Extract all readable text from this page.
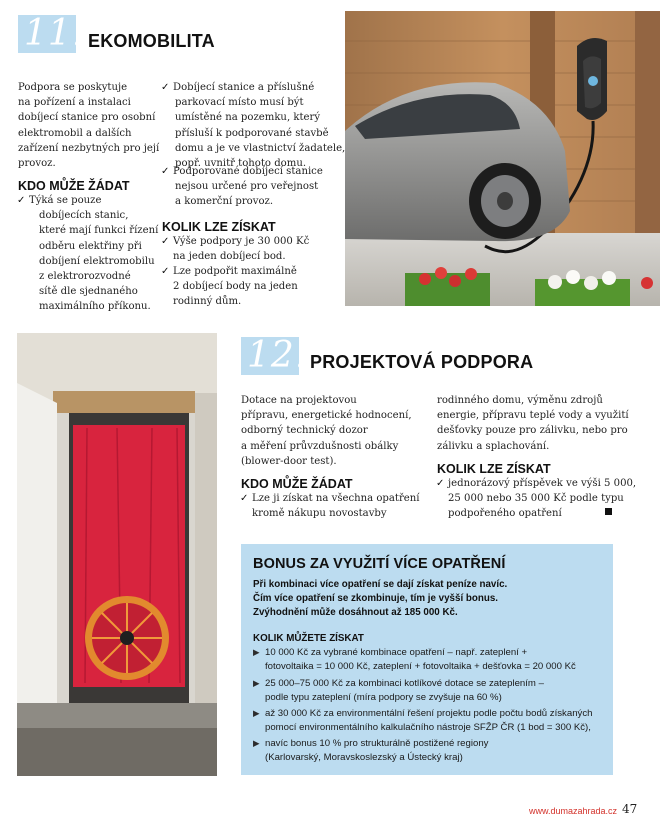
11. EKOMOBILITA
Podpora se poskytuje
na pořízení a instalaci
dobíjecí stanice pro osobní
elektromobil a dalších
zařízení nezbytných pro její
provoz.
KDO MŮŽE ŽÁDAT
✓ Týká se pouze
dobíjecích stanic,
které mají funkci řízení
odběru elektřiny při
dobíjení elektromobilu
z elektrorozvodné
sítě dle sjednaného
maximálního příkonu.
✓ Dobíjecí stanice a příslušné
parkovací místo musí být
umístěné na pozemku, který
přísluší k podporované stavbě
domu a je ve vlastnictví žadatele,
popř. uvnitř tohoto domu.
✓ Podporované dobíjecí stanice
nejsou určené pro veřejnost
a komerční provoz.
KOLIK LZE ZÍSKAT
✓ Výše podpory je 30 000 Kč
na jeden dobíjecí bod.
✓ Lze podpořit maximálně
2 dobíjecí body na jeden
rodinný dům.
12. PROJEKTOVÁ PODPORA
Dotace na projektovou
přípravu, energetické hodnocení,
odborný technický dozor
a měření průvzdušnosti obálky
(blower-door test).
rodinného domu, výměnu zdrojů
energie, přípravu teplé vody a využití
dešťovky pouze pro zálivku, nebo pro
zálivku a splachování.
KDO MŮŽE ŽÁDAT
✓ Lze ji získat na všechna opatření
kromě nákupu novostavby
KOLIK LZE ZÍSKAT
✓ jednorázový příspěvek ve výši 5 000,
25 000 nebo 35 000 Kč podle typu
podpořeného opatření
BONUS ZA VYUŽITÍ VÍCE OPATŘENÍ
Při kombinaci více opatření se dají získat peníze navíc.
Čím více opatření se zkombinuje, tím je vyšší bonus.
Zvýhodnění může dosáhnout až 185 000 Kč.
KOLIK MŮŽETE ZÍSKAT
▶ 10 000 Kč za vybrané kombinace opatření – např. zateplení +
fotovoltaika = 10 000 Kč, zateplení + fotovoltaika + dešťovka = 20 000 Kč
▶ 25 000–75 000 Kč za kombinaci kotlíkové dotace se zateplením –
podle typu zateplení (míra podpory se zvyšuje na 60 %)
▶ až 30 000 Kč za environmentální řešení projektu podle počtu bodů získaných
pomocí environmentálního kalkulačního nástroje SFŽP ČR (1 bod = 300 Kč),
▶ navíc bonus 10 % pro strukturálně postižené regiony
(Karlovarský, Moravskoslezský a Ústecký kraj)
www.dumazahrada.cz 47
